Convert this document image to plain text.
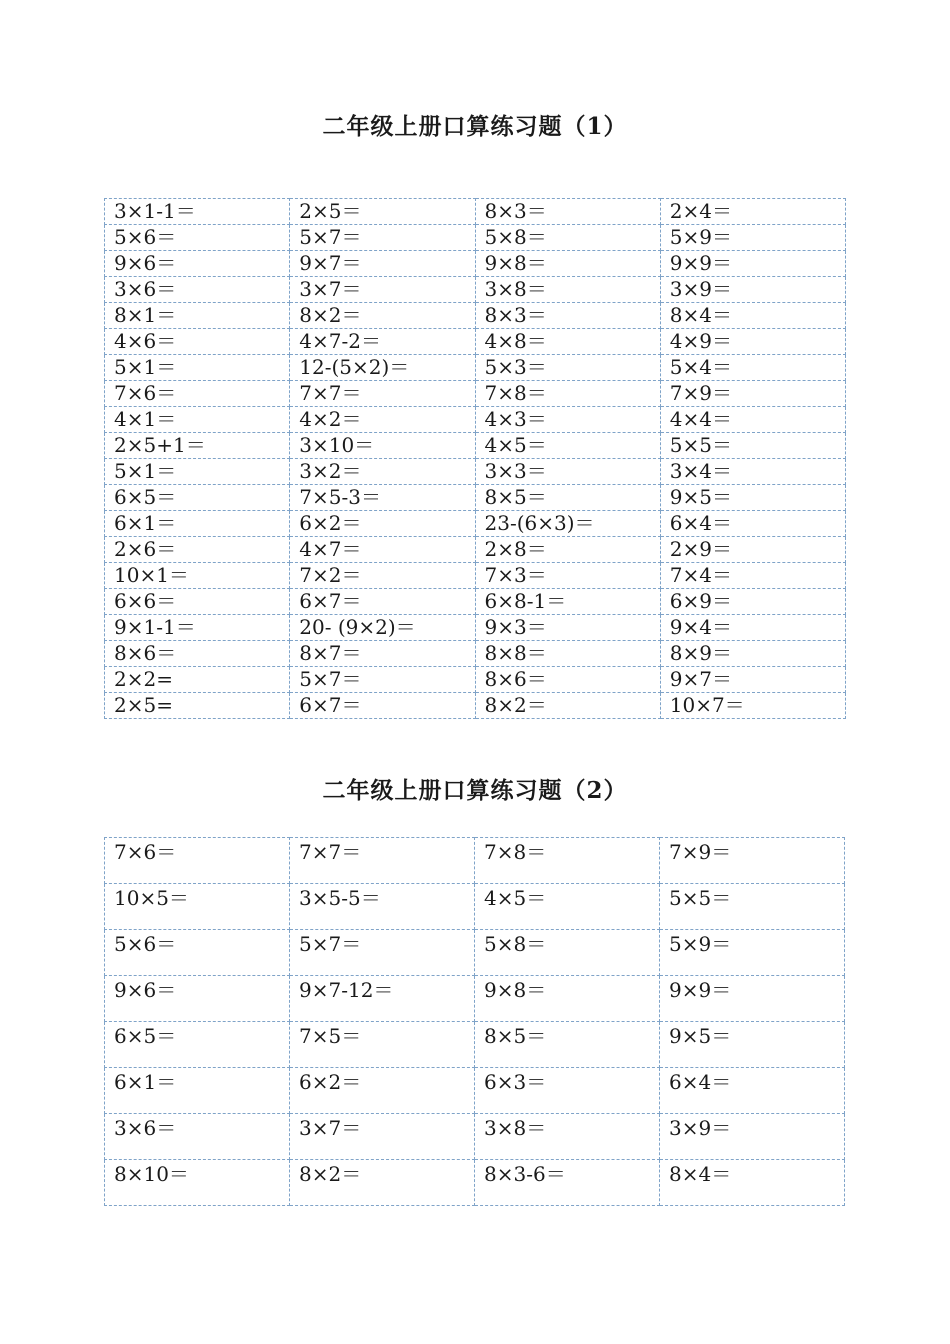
二年级上册口算练习题（1）
3×1-1＝	2×5＝	8×3＝	2×4＝
5×6＝	5×7＝	5×8＝	5×9＝
9×6＝	9×7＝	9×8＝	9×9＝
3×6＝	3×7＝	3×8＝	3×9＝
8×1＝	8×2＝	8×3＝	8×4＝
4×6＝	4×7-2＝	4×8＝	4×9＝
5×1＝	12-(5×2)＝	5×3＝	5×4＝
7×6＝	7×7＝	7×8＝	7×9＝
4×1＝	4×2＝	4×3＝	4×4＝
2×5+1＝	3×10＝	4×5＝	5×5＝
5×1＝	3×2＝	3×3＝	3×4＝
6×5＝	7×5-3＝	8×5＝	9×5＝
6×1＝	6×2＝	23-(6×3)＝	6×4＝
2×6＝	4×7＝	2×8＝	2×9＝
10×1＝	7×2＝	7×3＝	7×4＝
6×6＝	6×7＝	6×8-1＝	6×9＝
9×1-1＝	20- (9×2)＝	9×3＝	9×4＝
8×6＝	8×7＝	8×8＝	8×9＝
2×2=	5×7＝	8×6＝	9×7＝
2×5=	6×7＝	8×2＝	10×7＝
二年级上册口算练习题（2）
7×6＝	7×7＝	7×8＝	7×9＝
10×5＝	3×5-5＝	4×5＝	5×5＝
5×6＝	5×7＝	5×8＝	5×9＝
9×6＝	9×7-12＝	9×8＝	9×9＝
6×5＝	7×5＝	8×5＝	9×5＝
6×1＝	6×2＝	6×3＝	6×4＝
3×6＝	3×7＝	3×8＝	3×9＝
8×10＝	8×2＝	8×3-6＝	8×4＝
